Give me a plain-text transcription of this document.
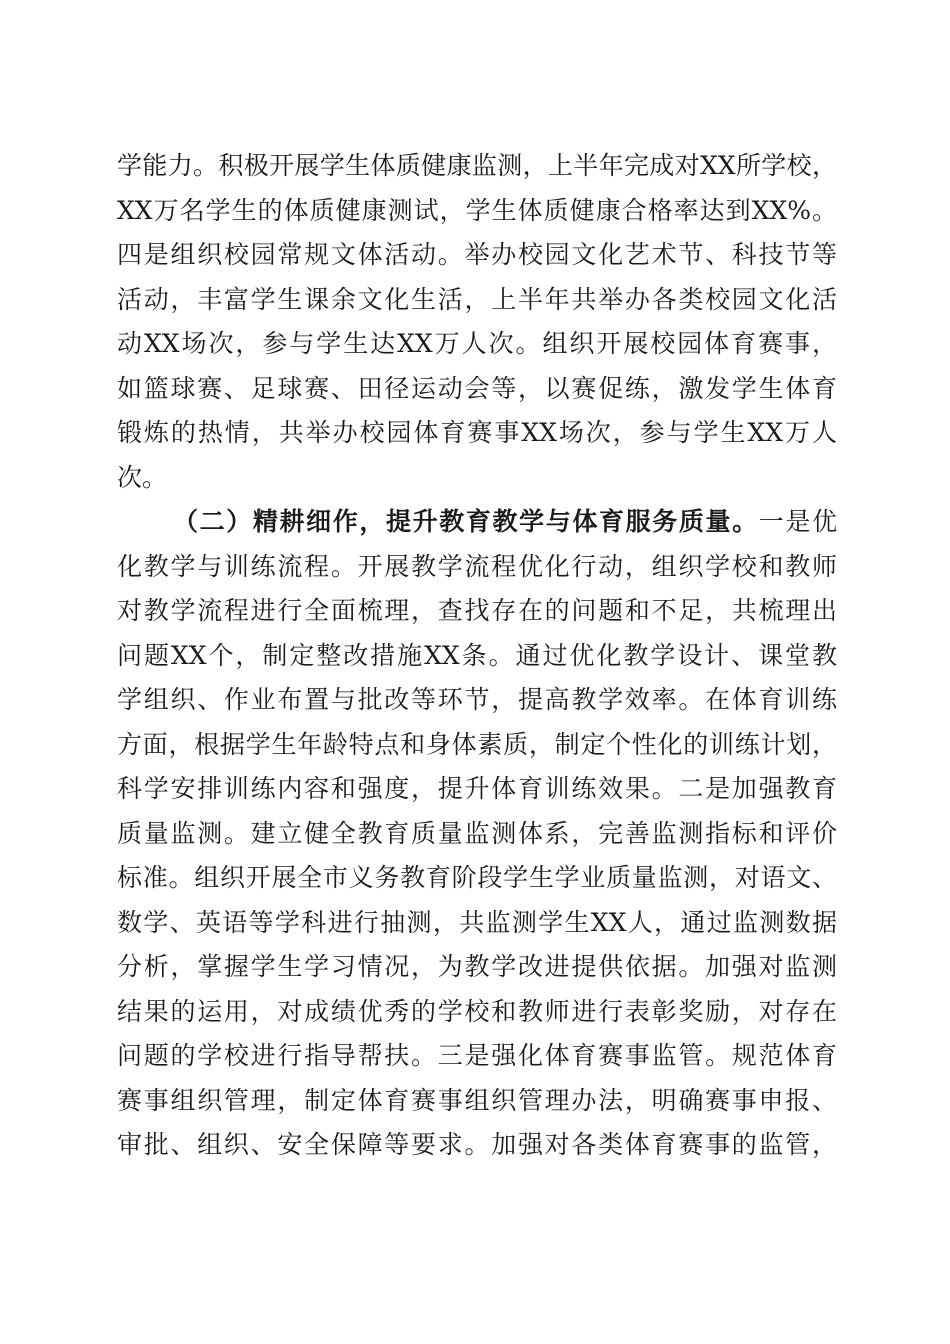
学能力。积极开展学生体质健康监测，上半年完成对XX所学校，
XX万名学生的体质健康测试，学生体质健康合格率达到XX%。
四是组织校园常规文体活动。举办校园文化艺术节、科技节等
活动，丰富学生课余文化生活，上半年共举办各类校园文化活
动XX场次，参与学生达XX万人次。组织开展校园体育赛事，
如篮球赛、足球赛、田径运动会等，以赛促练，激发学生体育
锻炼的热情，共举办校园体育赛事XX场次，参与学生XX万人
次。
（二）精耕细作，提升教育教学与体育服务质量。一是优
化教学与训练流程。开展教学流程优化行动，组织学校和教师
对教学流程进行全面梳理，查找存在的问题和不足，共梳理出
问题XX个，制定整改措施XX条。通过优化教学设计、课堂教
学组织、作业布置与批改等环节，提高教学效率。在体育训练
方面，根据学生年龄特点和身体素质，制定个性化的训练计划，
科学安排训练内容和强度，提升体育训练效果。二是加强教育
质量监测。建立健全教育质量监测体系，完善监测指标和评价
标准。组织开展全市义务教育阶段学生学业质量监测，对语文、
数学、英语等学科进行抽测，共监测学生XX人，通过监测数据
分析，掌握学生学习情况，为教学改进提供依据。加强对监测
结果的运用，对成绩优秀的学校和教师进行表彰奖励，对存在
问题的学校进行指导帮扶。三是强化体育赛事监管。规范体育
赛事组织管理，制定体育赛事组织管理办法，明确赛事申报、
审批、组织、安全保障等要求。加强对各类体育赛事的监管，
